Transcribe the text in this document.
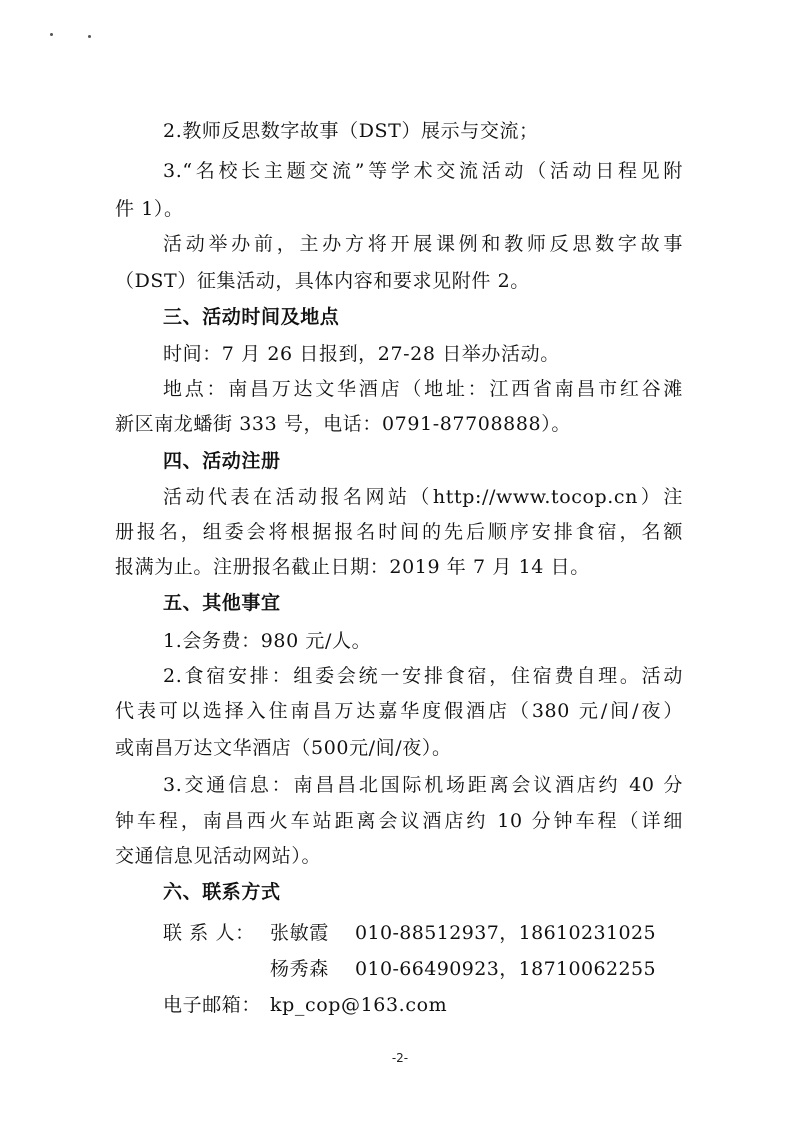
2.教师反思数字故事（DST）展示与交流；
3.“名校长主题交流”等学术交流活动（活动日程见附
件 1）。
活动举办前，主办方将开展课例和教师反思数字故事
（DST）征集活动，具体内容和要求见附件 2。
三、活动时间及地点
时间：7 月 26 日报到，27-28 日举办活动。
地点：南昌万达文华酒店（地址：江西省南昌市红谷滩
新区南龙蟠街 333 号，电话：0791-87708888）。
四、活动注册
活动代表在活动报名网站（http://www.tocop.cn）注
册报名，组委会将根据报名时间的先后顺序安排食宿，名额
报满为止。注册报名截止日期：2019 年 7 月 14 日。
五、其他事宜
1.会务费：980 元/人。
2.食宿安排：组委会统一安排食宿，住宿费自理。活动
代表可以选择入住南昌万达嘉华度假酒店（380 元/间/夜）
或南昌万达文华酒店（500元/间/夜）。
3.交通信息：南昌昌北国际机场距离会议酒店约 40 分
钟车程，南昌西火车站距离会议酒店约 10 分钟车程（详细
交通信息见活动网站）。
六、联系方式
联 系 人： 张敏霞 010-88512937，18610231025
杨秀森 010-66490923，18710062255
电子邮箱： kp_cop@163.com
-2-
